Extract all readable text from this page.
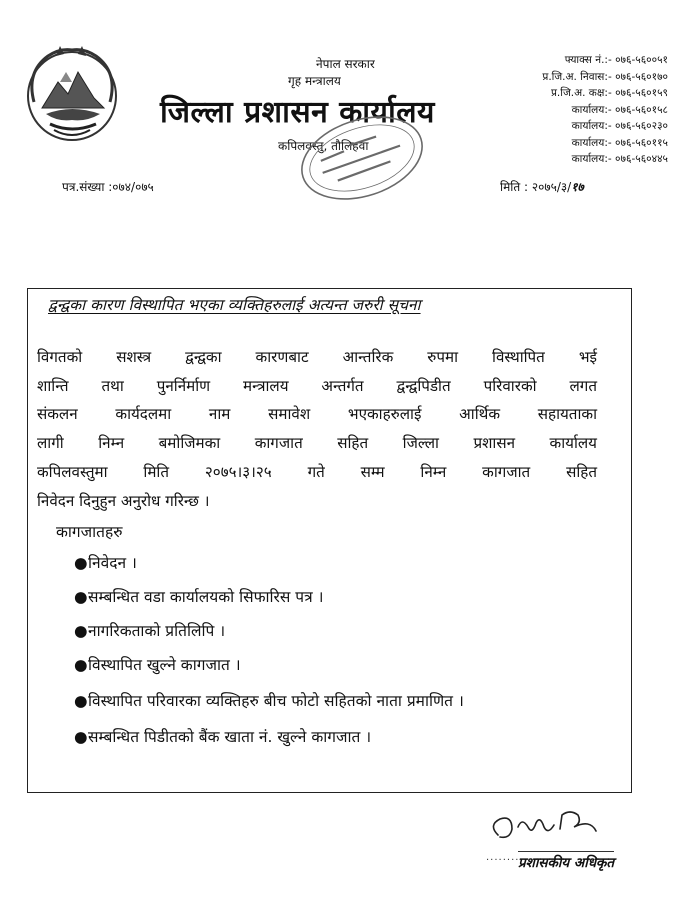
नेपाल सरकार
गृह मन्त्रालय
जिल्ला प्रशासन कार्यालय
कपिलवस्तु, तौलिहवा
फ्याक्स नं.:- ०७६-५६००५१
प्र.जि.अ. निवास:- ०७६-५६०१७०
प्र.जि.अ. कक्ष:- ०७६-५६०१५९
कार्यालय:- ०७६-५६०१५८
कार्यालय:- ०७६-५६०२३०
कार्यालय:- ०७६-५६०११५
कार्यालय:- ०७६-५६०४४५
पत्र.संख्या :०७४/०७५	मिति : २०७५/३/१७
द्वन्द्वका कारण विस्थापित भएका व्यक्तिहरुलाई अत्यन्त जरुरी सूचना
विगतको सशस्त्र द्वन्द्वका कारणबाट आन्तरिक रुपमा विस्थापित भई
शान्ति तथा पुनर्निर्माण मन्त्रालय अन्तर्गत द्वन्द्वपिडीत परिवारको लगत
संकलन कार्यदलमा नाम समावेश भएकाहरुलाई आर्थिक सहायताका
लागी निम्न बमोजिमका कागजात सहित जिल्ला प्रशासन कार्यालय
कपिलवस्तुमा मिति २०७५।३।२५ गते सम्म निम्न कागजात सहित
निवेदन दिनुहुन अनुरोध गरिन्छ ।
कागजातहरु
● निवेदन ।
● सम्बन्धित वडा कार्यालयको सिफारिस पत्र ।
● नागरिकताको प्रतिलिपि ।
● विस्थापित खुल्ने कागजात ।
● विस्थापित परिवारका व्यक्तिहरु बीच फोटो सहितको नाता प्रमाणित ।
● सम्बन्धित पिडीतको बैंक खाता नं. खुल्ने कागजात ।
..........
प्रशासकीय अधिकृत
